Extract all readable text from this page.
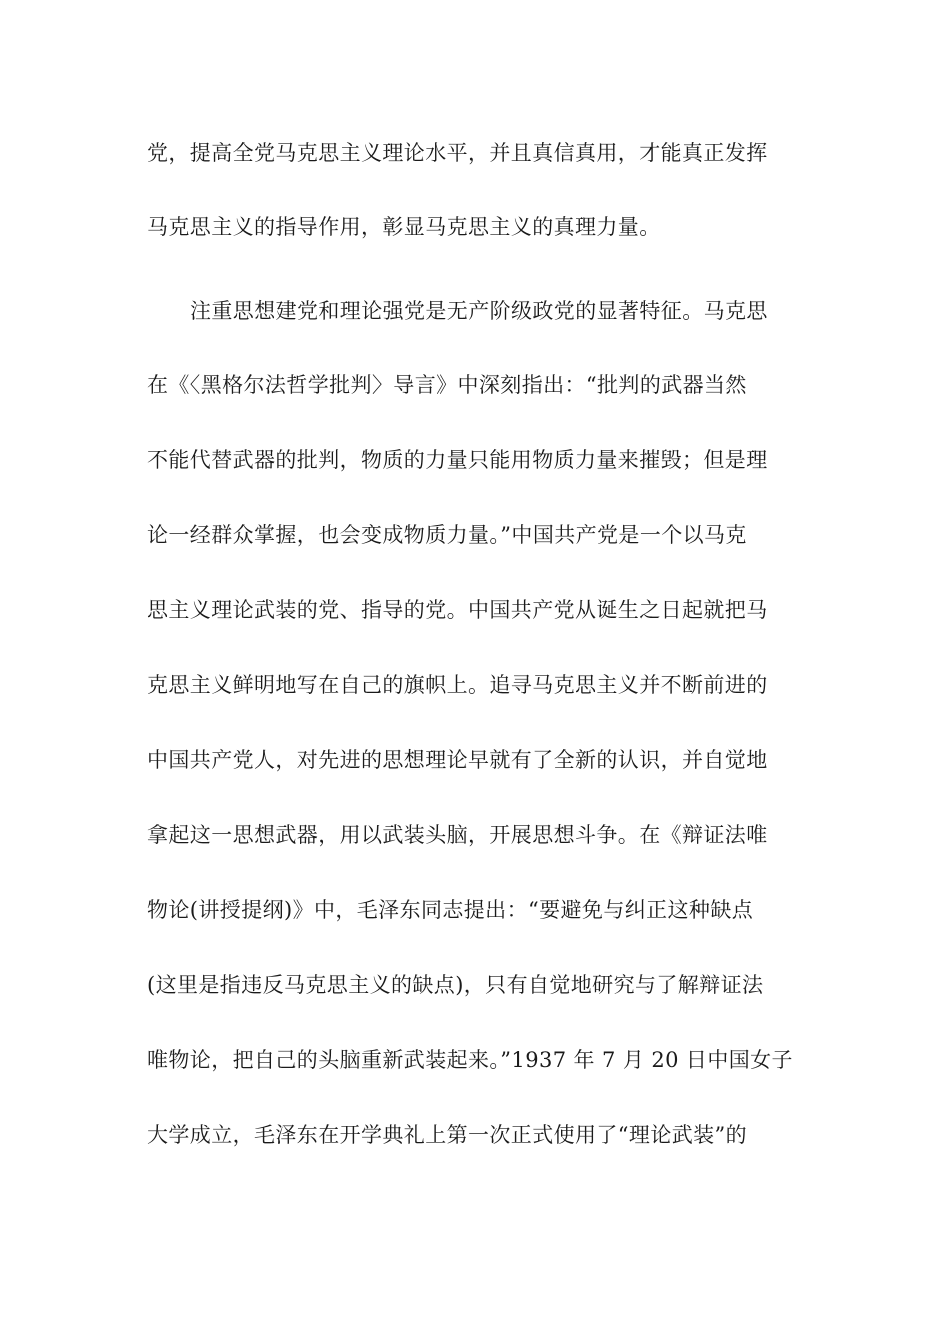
党，提高全党马克思主义理论水平，并且真信真用，才能真正发挥
马克思主义的指导作用，彰显马克思主义的真理力量。
注重思想建党和理论强党是无产阶级政党的显著特征。马克思
在《〈黑格尔法哲学批判〉导言》中深刻指出：“批判的武器当然
不能代替武器的批判，物质的力量只能用物质力量来摧毁；但是理
论一经群众掌握，也会变成物质力量。”中国共产党是一个以马克
思主义理论武装的党、指导的党。中国共产党从诞生之日起就把马
克思主义鲜明地写在自己的旗帜上。追寻马克思主义并不断前进的
中国共产党人，对先进的思想理论早就有了全新的认识，并自觉地
拿起这一思想武器，用以武装头脑，开展思想斗争。在《辩证法唯
物论(讲授提纲)》中，毛泽东同志提出：“要避免与纠正这种缺点
(这里是指违反马克思主义的缺点)，只有自觉地研究与了解辩证法
唯物论，把自己的头脑重新武装起来。”1937 年 7 月 20 日中国女子
大学成立，毛泽东在开学典礼上第一次正式使用了“理论武装”的
